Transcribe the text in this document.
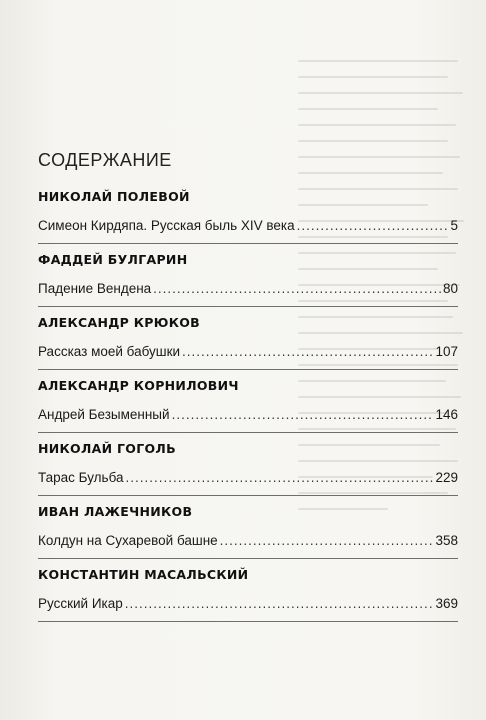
СОДЕРЖАНИЕ
НИКОЛАЙ ПОЛЕВОЙ
Симеон Кирдяпа. Русская быль XIV века .....	5
ФАДДЕЙ БУЛГАРИН
Падение Вендена .....	80
АЛЕКСАНДР КРЮКОВ
Рассказ моей бабушки .....	107
АЛЕКСАНДР КОРНИЛОВИЧ
Андрей Безыменный .....	146
НИКОЛАЙ ГОГОЛЬ
Тарас Бульба .....	229
ИВАН ЛАЖЕЧНИКОВ
Колдун на Сухаревой башне .....	358
КОНСТАНТИН МАСАЛЬСКИЙ
Русский Икар .....	369
